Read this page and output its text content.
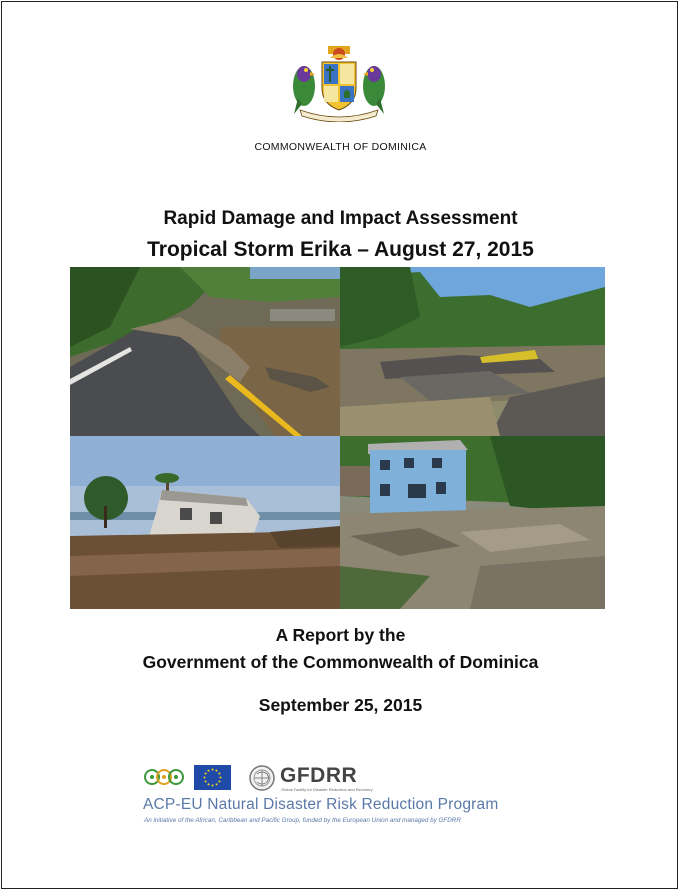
COMMONWEALTH OF DOMINICA
Rapid Damage and Impact Assessment
Tropical Storm Erika – August 27, 2015
A Report by the
Government of the Commonwealth of Dominica
September 25, 2015
GFDRR
Global Facility for Disaster Reduction and Recovery
ACP-EU Natural Disaster Risk Reduction Program
An initiative of the African, Caribbean and Pacific Group, funded by the European Union and managed by GFDRR
